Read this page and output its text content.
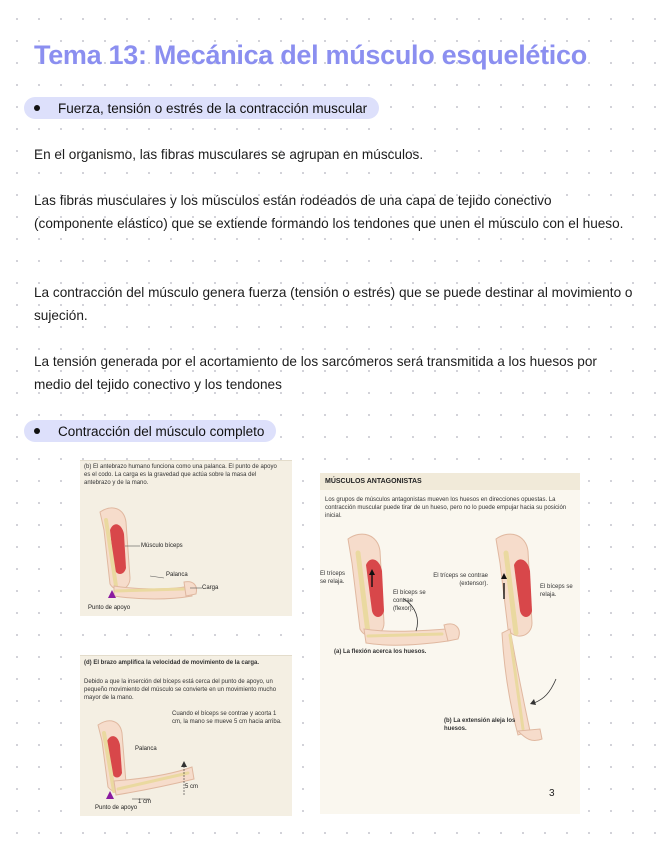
Tema 13: Mecánica del músculo esquelético
Fuerza, tensión o estrés de la contracción muscular
En el organismo, las fibras musculares se agrupan en músculos.
Las fibras musculares y los músculos están rodeados de una capa de tejido conectivo (componente elástico) que se extiende formando los tendones que unen el músculo con el hueso.
La contracción del músculo genera fuerza (tensión o estrés) que se puede destinar al movimiento o sujeción.
La tensión generada por el acortamiento de los sarcómeros será transmitida a los huesos por medio del tejido conectivo y los tendones
Contracción del músculo completo
(b) El antebrazo humano funciona como una palanca. El punto de apoyo es el codo. La carga es la gravedad que actúa sobre la masa del antebrazo y de la mano.
Músculo bíceps
Palanca
Carga
Punto de apoyo
(d) El brazo amplifica la velocidad de movimiento de la carga.
Debido a que la inserción del bíceps está cerca del punto de apoyo, un pequeño movimiento del músculo se convierte en un movimiento mucho mayor de la mano.
Cuando el bíceps se contrae y acorta 1 cm, la mano se mueve 5 cm hacia arriba.
Palanca
5 cm
1 cm
Punto de apoyo
MÚSCULOS ANTAGONISTAS
Los grupos de músculos antagonistas mueven los huesos en direcciones opuestas. La contracción muscular puede tirar de un hueso, pero no lo puede empujar hacia su posición inicial.
El tríceps se relaja.
El bíceps se contrae (flexor).
El tríceps se contrae (extensor).	El bíceps se relaja.
(a) La flexión acerca los huesos.
(b) La extensión aleja los huesos.
3
